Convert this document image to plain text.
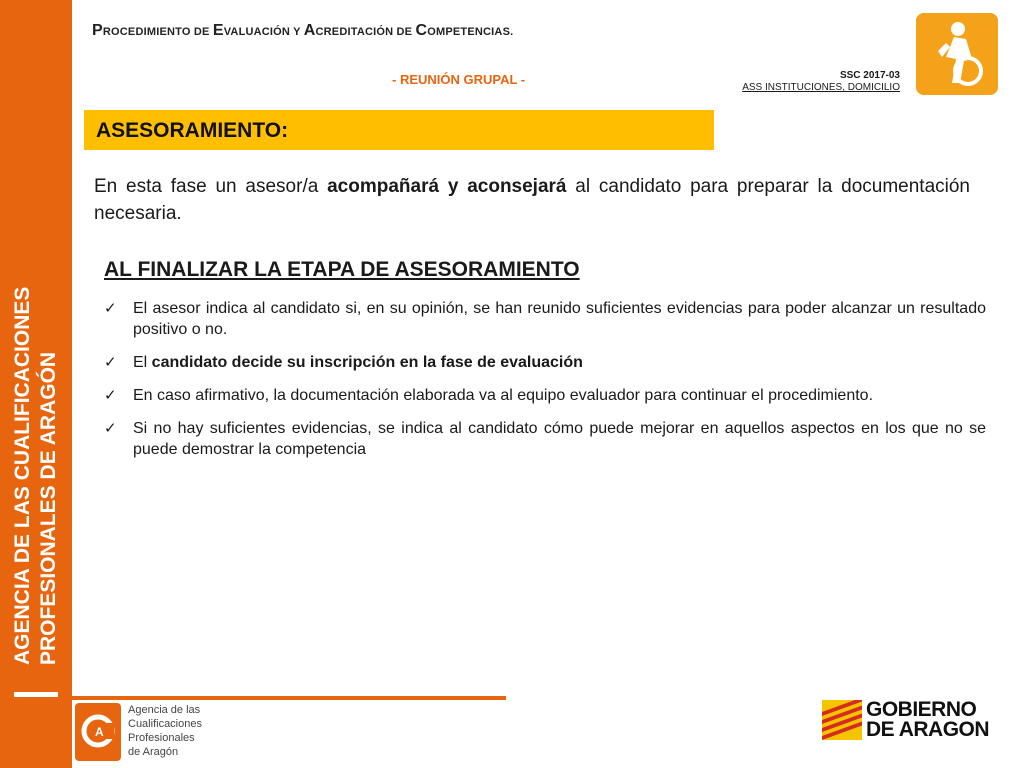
AGENCIA DE LAS CUALIFICACIONES PROFESIONALES DE ARAGÓN
PROCEDIMIENTO DE EVALUACIÓN Y ACREDITACIÓN DE COMPETENCIAS.
- REUNIÓN GRUPAL -	SSC 2017-03
ASS INSTITUCIONES, DOMICILIO
ASESORAMIENTO:
En esta fase un asesor/a acompañará y aconsejará al candidato para preparar la documentación necesaria.
AL FINALIZAR LA ETAPA DE ASESORAMIENTO
✓ El asesor indica al candidato si, en su opinión, se han reunido suficientes evidencias para poder alcanzar un resultado positivo o no.
✓ El candidato decide su inscripción en la fase de evaluación
✓ En caso afirmativo, la documentación elaborada va al equipo evaluador para continuar el procedimiento.
✓ Si no hay suficientes evidencias, se indica al candidato cómo puede mejorar en aquellos aspectos en los que no se puede demostrar la competencia
A
Agencia de las
Cualificaciones
Profesionales
de Aragón
GOBIERNO
DE ARAGON
